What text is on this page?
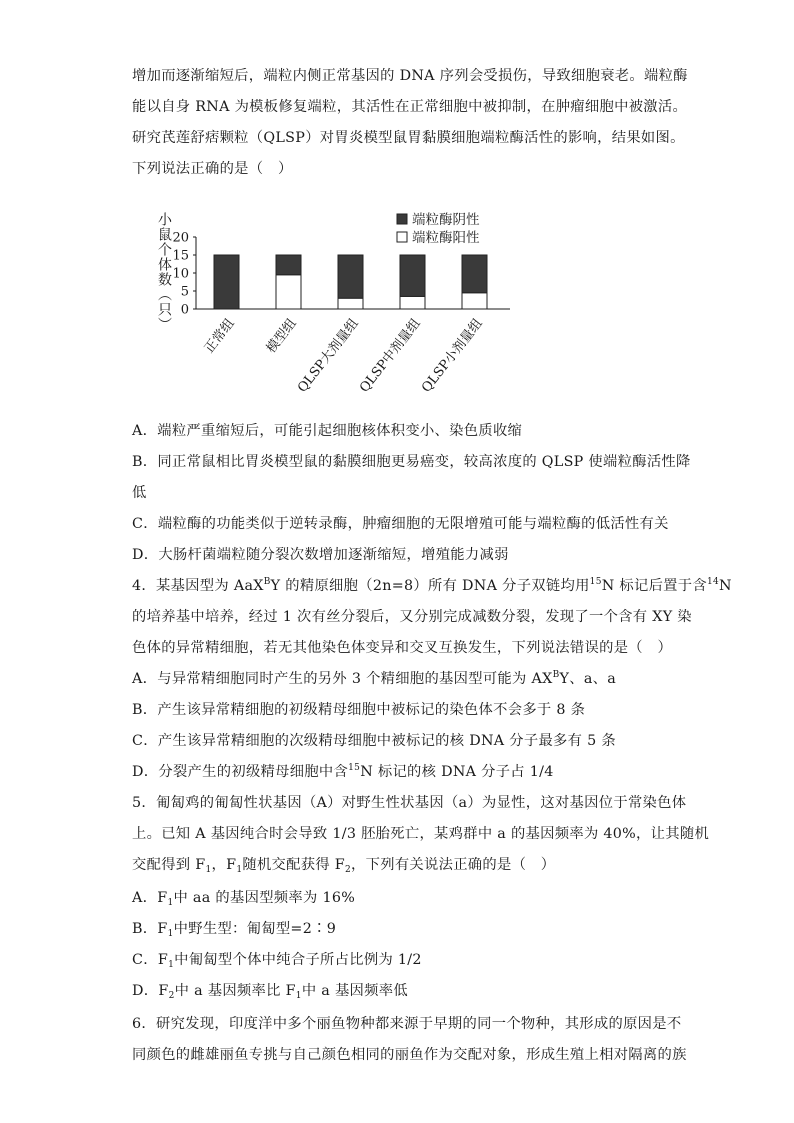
增加而逐渐缩短后，端粒内侧正常基因的 DNA 序列会受损伤，导致细胞衰老。端粒酶
能以自身 RNA 为模板修复端粒，其活性在正常细胞中被抑制，在肿瘤细胞中被激活。
研究芪莲舒痞颗粒（QLSP）对胃炎模型鼠胃黏膜细胞端粒酶活性的影响，结果如图。
下列说法正确的是（　）
0
5
10
15
20
小鼠个体数（只）
正常组 模型组
QLSP大剂量组
QLSP中剂量组
QLSP小剂量组
端粒酶阴性
端粒酶阳性
A．端粒严重缩短后，可能引起细胞核体积变小、染色质收缩
B．同正常鼠相比胃炎模型鼠的黏膜细胞更易癌变，较高浓度的 QLSP 使端粒酶活性降
低
C．端粒酶的功能类似于逆转录酶，肿瘤细胞的无限增殖可能与端粒酶的低活性有关
D．大肠杆菌端粒随分裂次数增加逐渐缩短，增殖能力减弱
4．某基因型为 AaX$^B$Y 的精原细胞（2n=8）所有 DNA 分子双链均用$^{15}$N 标记后置于含$^{14}$N
的培养基中培养，经过 1 次有丝分裂后，又分别完成减数分裂，发现了一个含有 XY 染
色体的异常精细胞，若无其他染色体变异和交叉互换发生，下列说法错误的是（　）
A．与异常精细胞同时产生的另外 3 个精细胞的基因型可能为 $AX^BY$、a、a
B．产生该异常精细胞的初级精母细胞中被标记的染色体不会多于 8 条
C．产生该异常精细胞的次级精母细胞中被标记的核 DNA 分子最多有 5 条
D．分裂产生的初级精母细胞中含$^{15}$N 标记的核 DNA 分子占 1/4
5．匍匐鸡的匍匐性状基因（A）对野生性状基因（a）为显性，这对基因位于常染色体
上。已知 A 基因纯合时会导致 1/3 胚胎死亡，某鸡群中 a 的基因频率为 40%，让其随机
交配得到 $F_1$，$F_1$随机交配获得 $F_2$，下列有关说法正确的是（　）
A．$F_1$中 aa 的基因型频率为 16%
B．$F_1$中野生型：匍匐型=2∶9
C．$F_1$中匍匐型个体中纯合子所占比例为 1/2
D．$F_2$中 a 基因频率比 $F_1$中 a 基因频率低
6．研究发现，印度洋中多个丽鱼物种都来源于早期的同一个物种，其形成的原因是不
同颜色的雌雄丽鱼专挑与自己颜色相同的丽鱼作为交配对象，形成生殖上相对隔离的族
